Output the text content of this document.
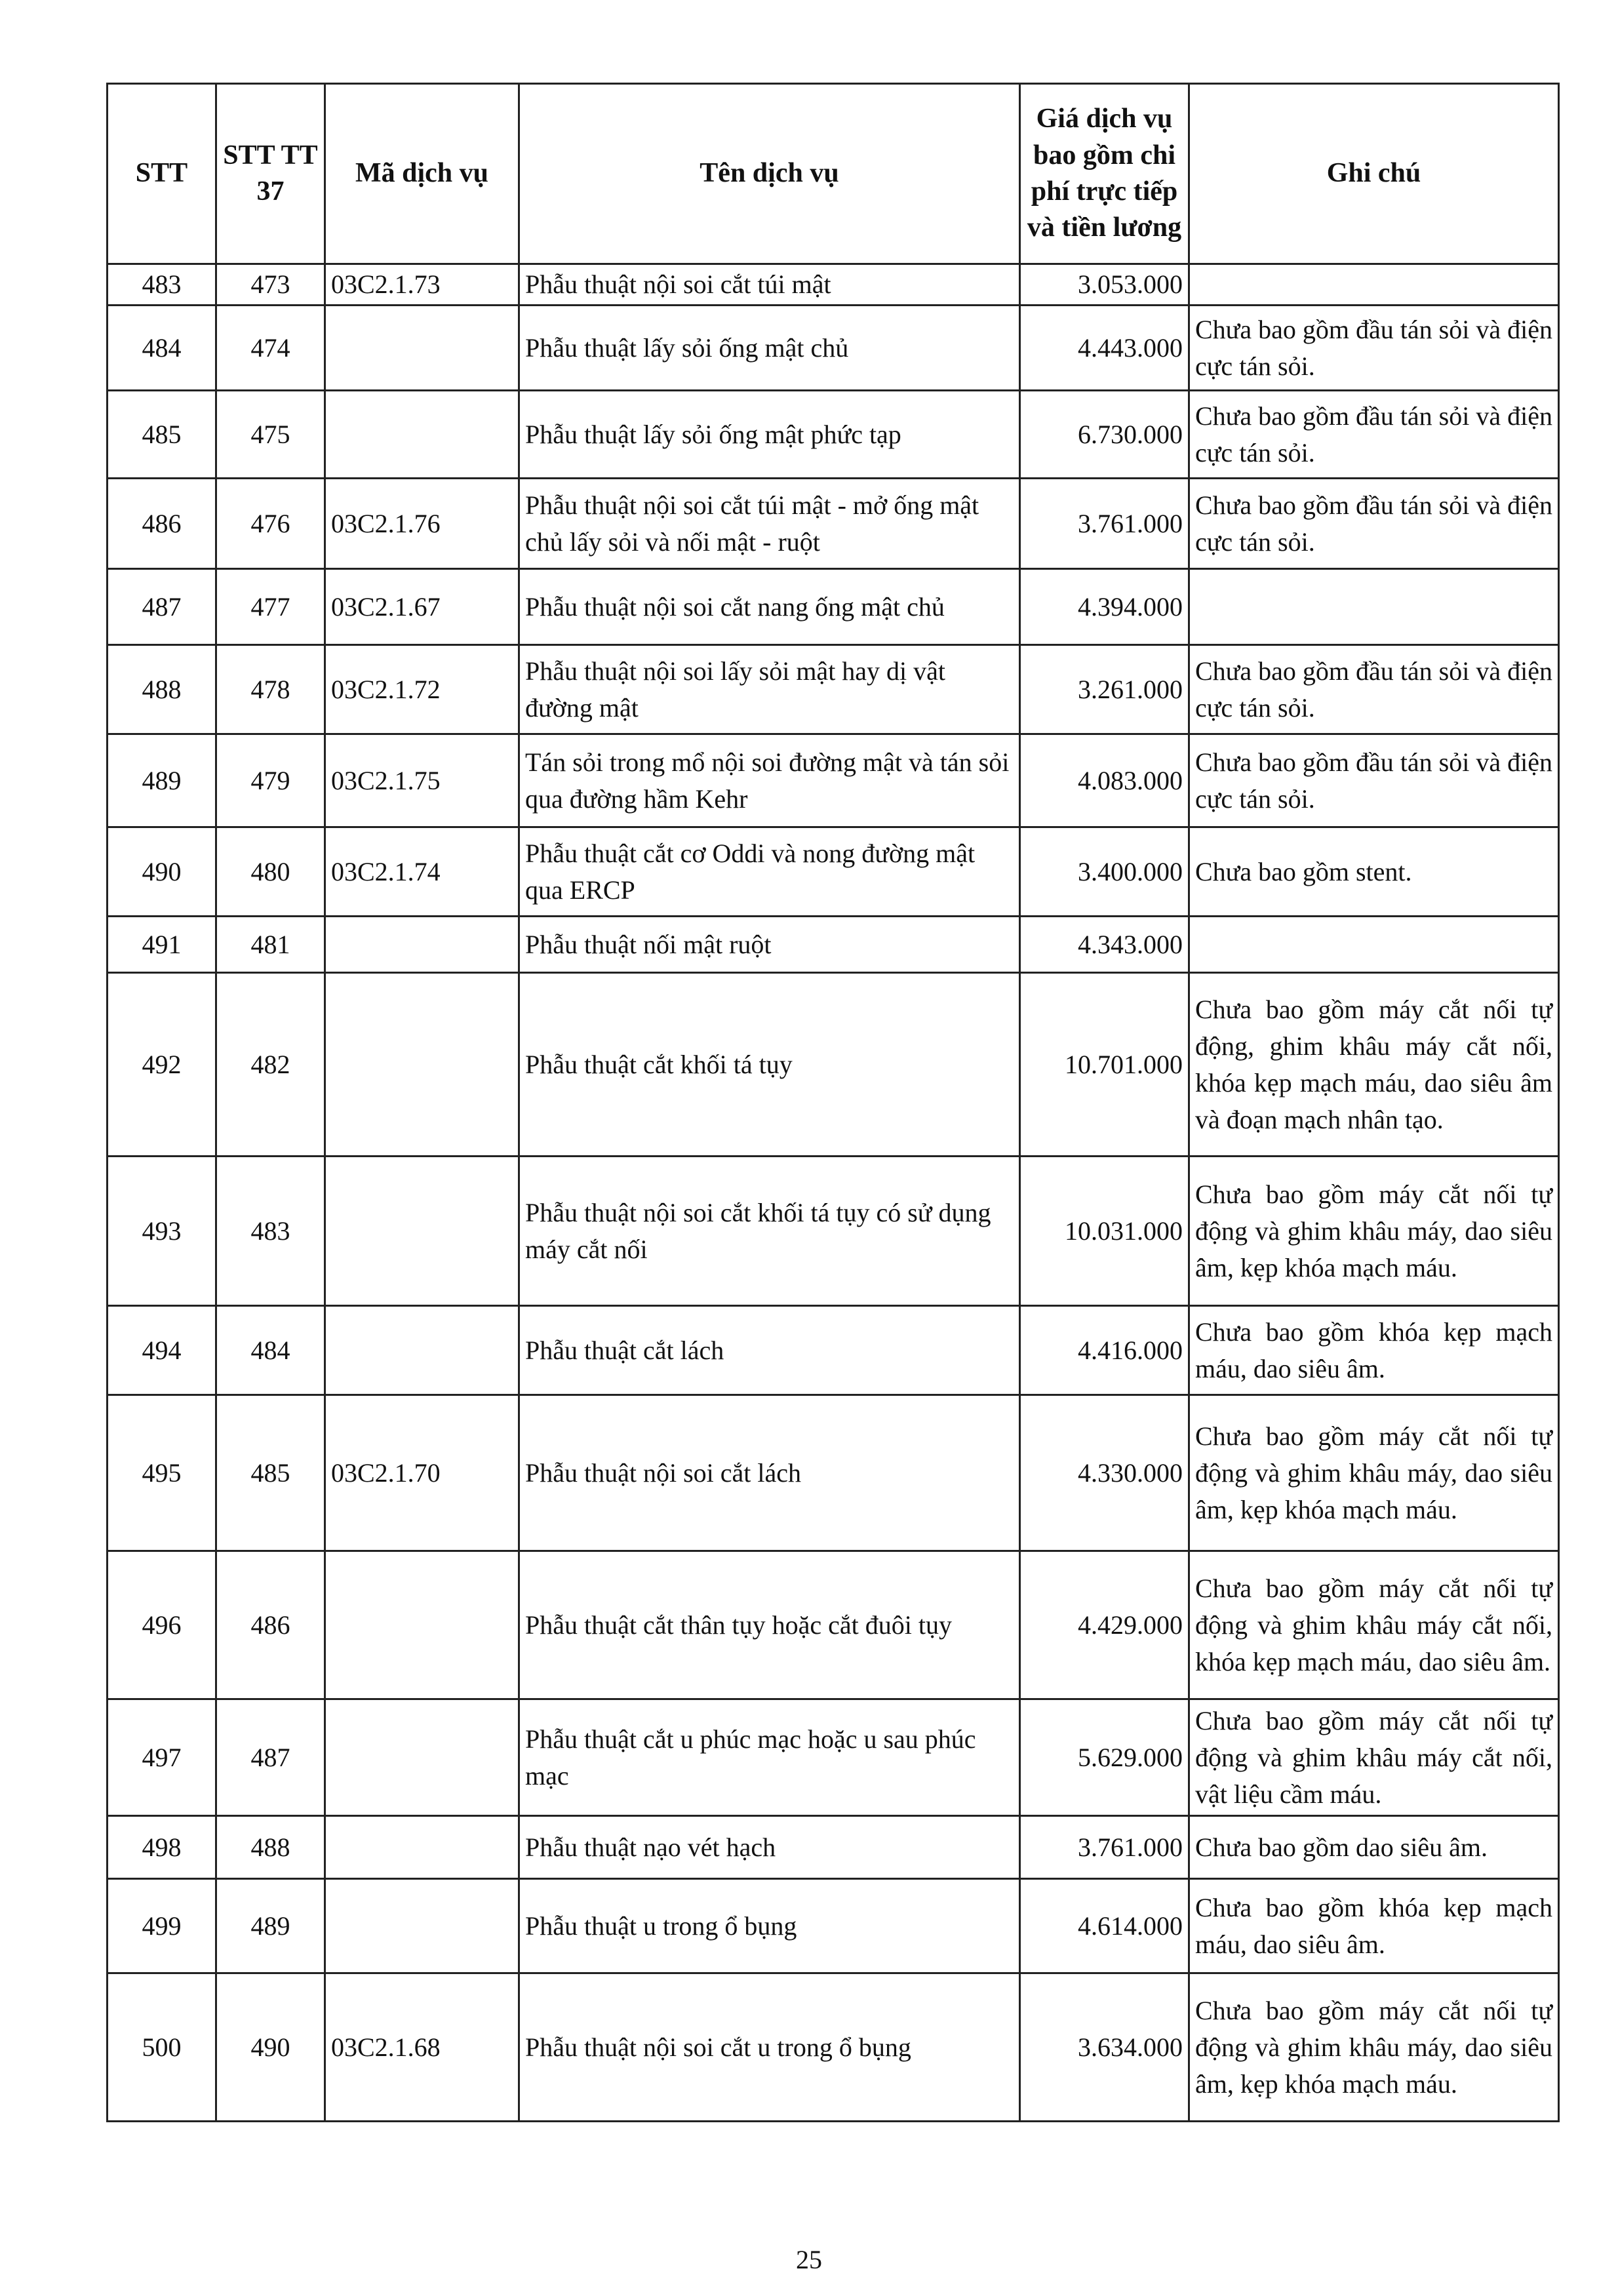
STT	STT TT 37	Mã dịch vụ	Tên dịch vụ	Giá dịch vụ bao gồm chi phí trực tiếp và tiền lương	Ghi chú
483	473	03C2.1.73	Phẫu thuật nội soi cắt túi mật	3.053.000	
484	474		Phẫu thuật lấy sỏi ống mật chủ	4.443.000	Chưa bao gồm đầu tán sỏi và điện cực tán sỏi.
485	475		Phẫu thuật lấy sỏi ống mật phức tạp	6.730.000	Chưa bao gồm đầu tán sỏi và điện cực tán sỏi.
486	476	03C2.1.76	Phẫu thuật nội soi cắt túi mật - mở ống mật chủ lấy sỏi và nối mật - ruột	3.761.000	Chưa bao gồm đầu tán sỏi và điện cực tán sỏi.
487	477	03C2.1.67	Phẫu thuật nội soi cắt nang ống mật chủ	4.394.000	
488	478	03C2.1.72	Phẫu thuật nội soi lấy sỏi mật hay dị vật đường mật	3.261.000	Chưa bao gồm đầu tán sỏi và điện cực tán sỏi.
489	479	03C2.1.75	Tán sỏi trong mổ nội soi đường mật và tán sỏi qua đường hầm Kehr	4.083.000	Chưa bao gồm đầu tán sỏi và điện cực tán sỏi.
490	480	03C2.1.74	Phẫu thuật cắt cơ Oddi và nong đường mật qua ERCP	3.400.000	Chưa bao gồm stent.
491	481		Phẫu thuật nối mật ruột	4.343.000	
492	482		Phẫu thuật cắt khối tá tụy	10.701.000	Chưa bao gồm máy cắt nối tự động, ghim khâu máy cắt nối, khóa kẹp mạch máu, dao siêu âm và đoạn mạch nhân tạo.
493	483		Phẫu thuật nội soi cắt khối tá tụy có sử dụng máy cắt nối	10.031.000	Chưa bao gồm máy cắt nối tự động và ghim khâu máy, dao siêu âm, kẹp khóa mạch máu.
494	484		Phẫu thuật cắt lách	4.416.000	Chưa bao gồm khóa kẹp mạch máu, dao siêu âm.
495	485	03C2.1.70	Phẫu thuật nội soi cắt lách	4.330.000	Chưa bao gồm máy cắt nối tự động và ghim khâu máy, dao siêu âm, kẹp khóa mạch máu.
496	486		Phẫu thuật cắt thân tụy hoặc cắt đuôi tụy	4.429.000	Chưa bao gồm máy cắt nối tự động và ghim khâu máy cắt nối, khóa kẹp mạch máu, dao siêu âm.
497	487		Phẫu thuật cắt u phúc mạc hoặc u sau phúc mạc	5.629.000	Chưa bao gồm máy cắt nối tự động và ghim khâu máy cắt nối, vật liệu cầm máu.
498	488		Phẫu thuật nạo vét hạch	3.761.000	Chưa bao gồm dao siêu âm.
499	489		Phẫu thuật u trong ổ bụng	4.614.000	Chưa bao gồm khóa kẹp mạch máu, dao siêu âm.
500	490	03C2.1.68	Phẫu thuật nội soi cắt u trong ổ bụng	3.634.000	Chưa bao gồm máy cắt nối tự động và ghim khâu máy, dao siêu âm, kẹp khóa mạch máu.
25
